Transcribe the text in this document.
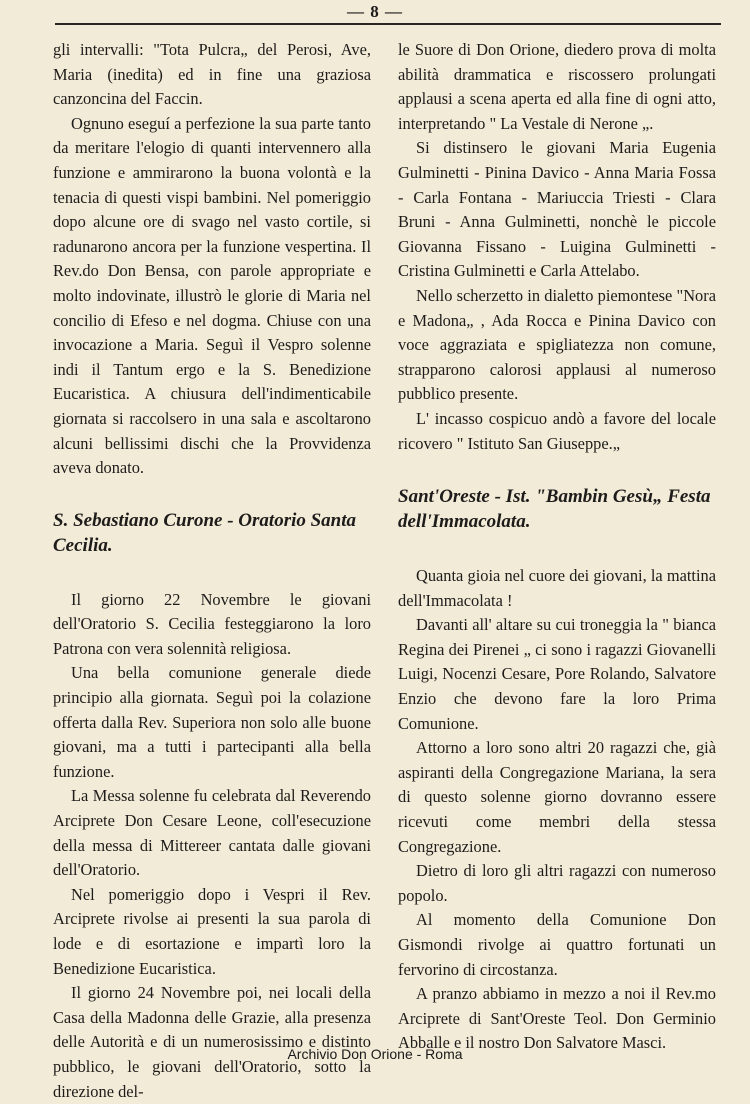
— 8 —

gli intervalli: "Tota Pulcra„ del Perosi, Ave, Maria (inedita) ed in fine una graziosa canzoncina del Faccin.

Ognuno eseguí a perfezione la sua parte tanto da meritare l'elogio di quanti intervennero alla funzione e ammirarono la buona volontà e la tenacia di questi vispi bambini. Nel pomeriggio dopo alcune ore di svago nel vasto cortile, si radunarono ancora per la funzione vespertina. Il Rev.do Don Bensa, con parole appropriate e molto indovinate, illustrò le glorie di Maria nel concilio di Efeso e nel dogma. Chiuse con una invocazione a Maria. Seguì il Vespro solenne indi il Tantum ergo e la S. Benedizione Eucaristica. A chiusura dell'indimenticabile giornata si raccolsero in una sala e ascoltarono alcuni bellissimi dischi che la Provvidenza aveva donato.

S. Sebastiano Curone - Oratorio Santa Cecilia.

Il giorno 22 Novembre le giovani dell'Oratorio S. Cecilia festeggiarono la loro Patrona con vera solennità religiosa.

Una bella comunione generale diede principio alla giornata. Seguì poi la colazione offerta dalla Rev. Superiora non solo alle buone giovani, ma a tutti i partecipanti alla bella funzione.

La Messa solenne fu celebrata dal Reverendo Arciprete Don Cesare Leone, coll'esecuzione della messa di Mittereer cantata dalle giovani dell'Oratorio.

Nel pomeriggio dopo i Vespri il Rev. Arciprete rivolse ai presenti la sua parola di lode e di esortazione e impartì loro la Benedizione Eucaristica.

Il giorno 24 Novembre poi, nei locali della Casa della Madonna delle Grazie, alla presenza delle Autorità e di un numerosissimo e distinto pubblico, le giovani dell'Oratorio, sotto la direzione del-

le Suore di Don Orione, diedero prova di molta abilità drammatica e riscossero prolungati applausi a scena aperta ed alla fine di ogni atto, interpretando " La Vestale di Nerone „.

Si distinsero le giovani Maria Eugenia Gulminetti - Pinina Davico - Anna Maria Fossa - Carla Fontana - Mariuccia Triesti - Clara Bruni - Anna Gulminetti, nonchè le piccole Giovanna Fissano - Luigina Gulminetti - Cristina Gulminetti e Carla Attelabo.

Nello scherzetto in dialetto piemontese "Nora e Madona„ , Ada Rocca e Pinina Davico con voce aggraziata e spigliatezza non comune, strapparono calorosi applausi al numeroso pubblico presente.

L' incasso cospicuo andò a favore del locale ricovero " Istituto San Giuseppe.„

Sant'Oreste - Ist. "Bambin Gesù„ Festa dell'Immacolata.

Quanta gioia nel cuore dei giovani, la mattina dell'Immacolata !

Davanti all' altare su cui troneggia la " bianca Regina dei Pirenei „ ci sono i ragazzi Giovanelli Luigi, Nocenzi Cesare, Pore Rolando, Salvatore Enzio che devono fare la loro Prima Comunione.

Attorno a loro sono altri 20 ragazzi che, già aspiranti della Congregazione Mariana, la sera di questo solenne giorno dovranno essere ricevuti come membri della stessa Congregazione.

Dietro di loro gli altri ragazzi con numeroso popolo.

Al momento della Comunione Don Gismondi rivolge ai quattro fortunati un fervorino di circostanza.

A pranzo abbiamo in mezzo a noi il Rev.mo Arciprete di Sant'Oreste Teol. Don Germinio Abballe e il nostro Don Salvatore Masci.

Archivio Don Orione - Roma
